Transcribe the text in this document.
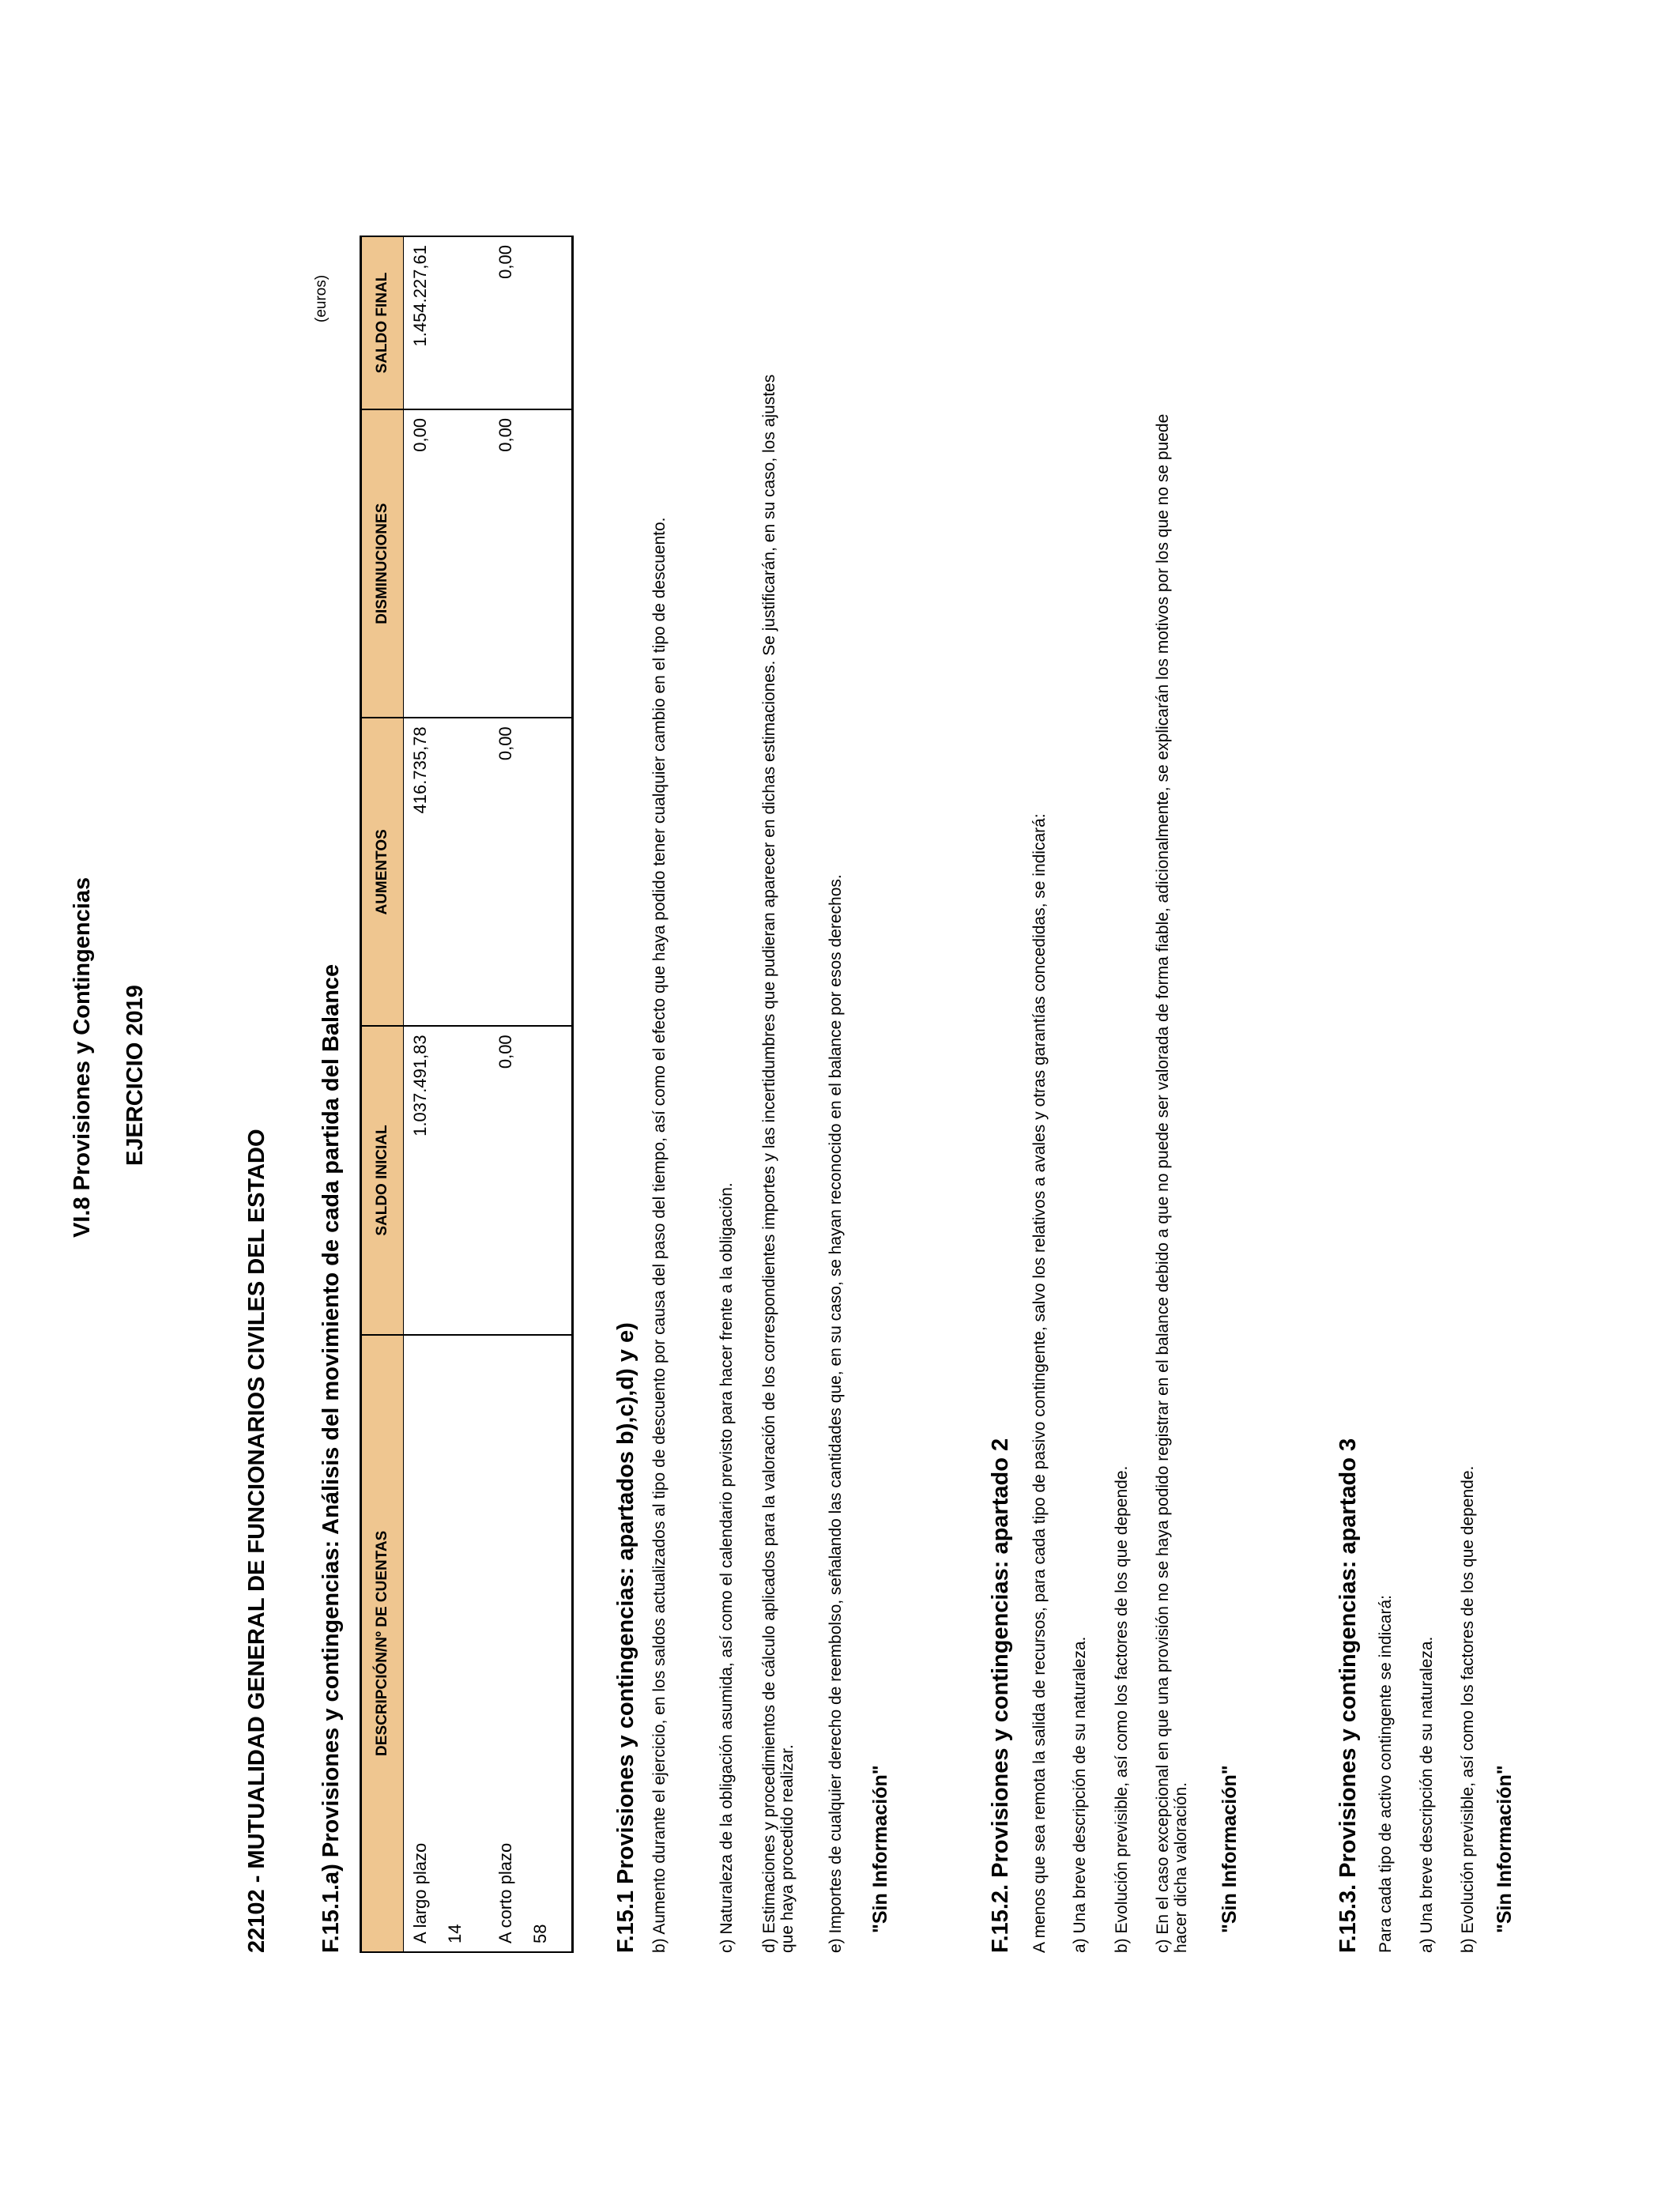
VI.8 Provisiones y Contingencias EJERCICIO 2019
22102 - MUTUALIDAD GENERAL DE FUNCIONARIOS CIVILES DEL ESTADO F.15.1.a) Provisiones y contingencias: Análisis del movimiento de cada partida del Balance
(euros)
DESCRIPCIÓN/Nº DE CUENTAS	SALDO INICIAL	AUMENTOS	DISMINUCIONES	SALDO FINAL

A largo plazo 14	1.037.491,83	416.735,78	0,00	1.454.227,61

A corto plazo 58	0,00	0,00	0,00	0,00
F.15.1 Provisiones y contingencias: apartados b),c),d) y e) b) Aumento durante el ejercicio, en los saldos actualizados al tipo de descuento por causa del paso del tiempo, así como el efecto que haya podido tener cualquier cambio en el tipo de descuento.	c) Naturaleza de la obligación asumida, así como el calendario previsto para hacer frente a la obligación. d) Estimaciones y procedimientos de cálculo aplicados para la valoración de los correspondientes importes y las incertidumbres que pudieran aparecer en dichas estimaciones. Se justificarán, en su caso, los ajustes que haya procedido realizar. e) Importes de cualquier derecho de reembolso, señalando las cantidades que, en su caso, se hayan reconocido en el balance por esos derechos. "Sin Información"	F.15.2. Provisiones y contingencias: apartado 2 A menos que sea remota la salida de recursos, para cada tipo de pasivo contingente, salvo los relativos a avales y otras garantías concedidas, se indicará: a) Una breve descripción de su naturaleza. b) Evolución previsible, así como los factores de los que depende. c) En el caso excepcional en que una provisión no se haya podido registrar en el balance debido a que no puede ser valorada de forma fiable, adicionalmente, se explicarán los motivos por los que no se puede hacer dicha valoración. "Sin Información"	F.15.3. Provisiones y contingencias: apartado 3 Para cada tipo de activo contingente se indicará: a) Una breve descripción de su naturaleza. b) Evolución previsible, así como los factores de los que depende. "Sin Información"
